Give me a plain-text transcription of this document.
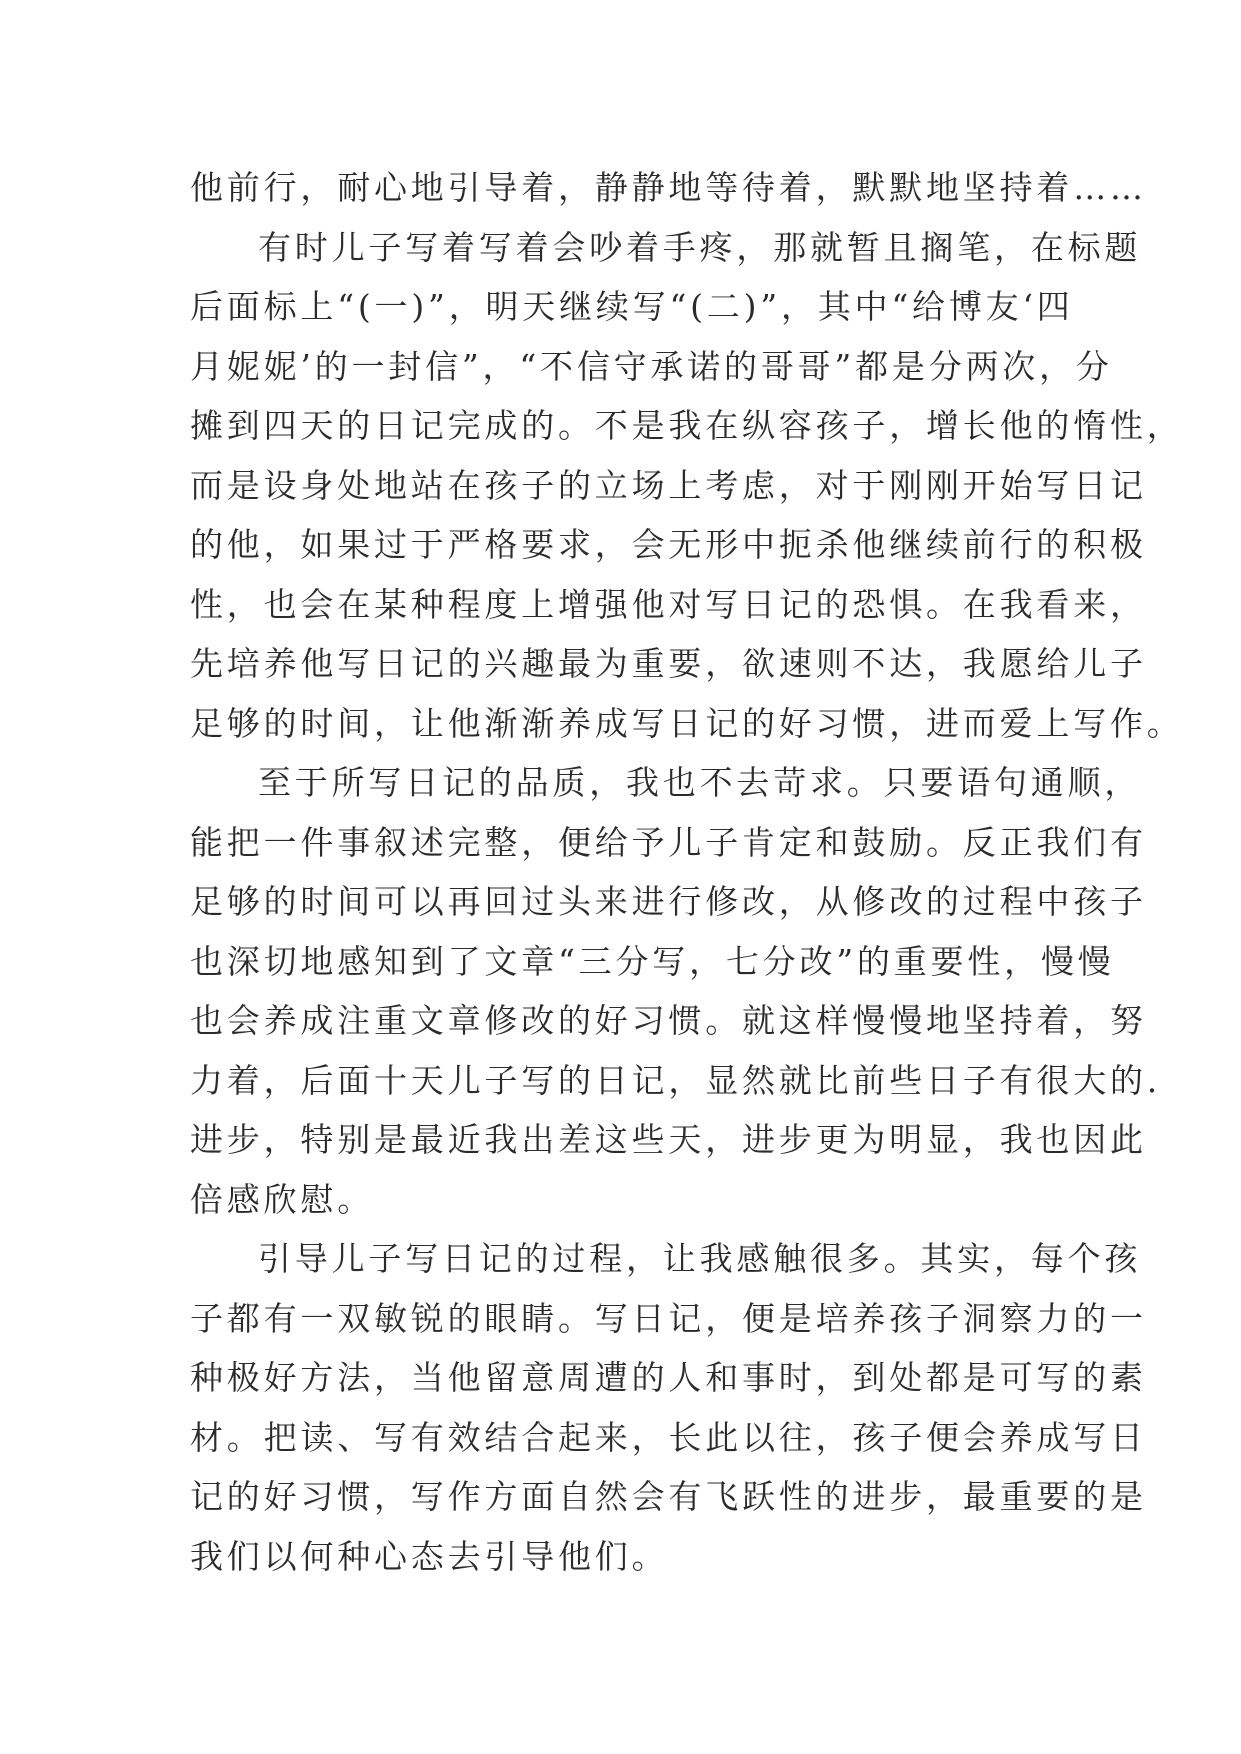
他前行，耐心地引导着，静静地等待着，默默地坚持着……
有时儿子写着写着会吵着手疼，那就暂且搁笔，在标题
后面标上“(一)”，明天继续写“(二)”，其中“给博友‘四
月妮妮’的一封信”，“不信守承诺的哥哥”都是分两次，分
摊到四天的日记完成的。不是我在纵容孩子，增长他的惰性，
而是设身处地站在孩子的立场上考虑，对于刚刚开始写日记
的他，如果过于严格要求，会无形中扼杀他继续前行的积极
性，也会在某种程度上增强他对写日记的恐惧。在我看来，
先培养他写日记的兴趣最为重要，欲速则不达，我愿给儿子
足够的时间，让他渐渐养成写日记的好习惯，进而爱上写作。
至于所写日记的品质，我也不去苛求。只要语句通顺，
能把一件事叙述完整，便给予儿子肯定和鼓励。反正我们有
足够的时间可以再回过头来进行修改，从修改的过程中孩子
也深切地感知到了文章“三分写，七分改”的重要性，慢慢
也会养成注重文章修改的好习惯。就这样慢慢地坚持着，努
力着，后面十天儿子写的日记，显然就比前些日子有很大的.
进步，特别是最近我出差这些天，进步更为明显，我也因此
倍感欣慰。
引导儿子写日记的过程，让我感触很多。其实，每个孩
子都有一双敏锐的眼睛。写日记，便是培养孩子洞察力的一
种极好方法，当他留意周遭的人和事时，到处都是可写的素
材。把读、写有效结合起来，长此以往，孩子便会养成写日
记的好习惯，写作方面自然会有飞跃性的进步，最重要的是
我们以何种心态去引导他们。
